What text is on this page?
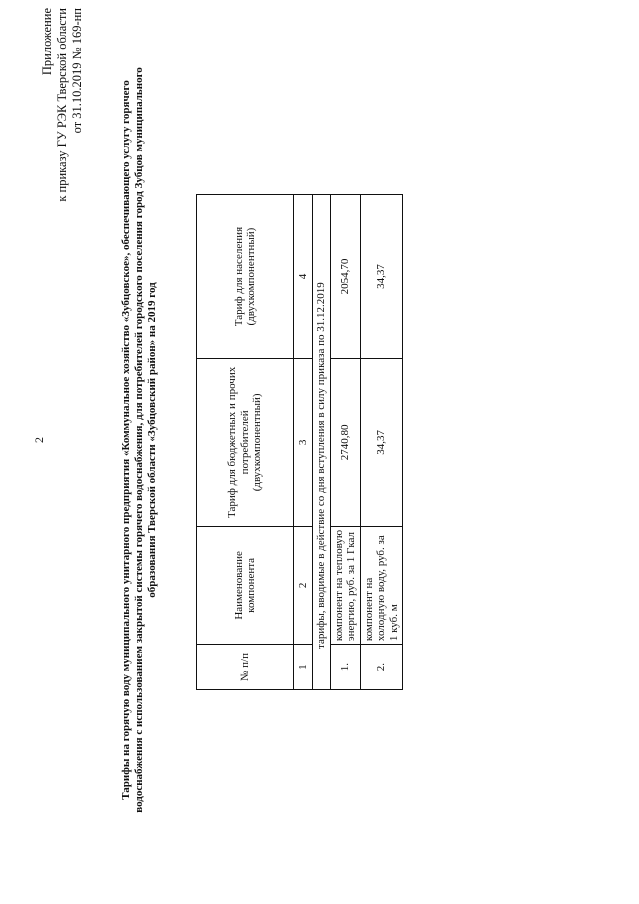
2
Приложение к приказу ГУ РЭК Тверской области от 31.10.2019 № 169-нп
Тарифы на горячую воду муниципального унитарного предприятия «Коммунальное хозяйство «Зубцовское», обеспечивающего услугу горячего водоснабжения с использованием закрытой системы горячего водоснабжения, для потребителей городского поселения город Зубцов муниципального образования Тверской области «Зубцовский район» на 2019 год
№ п/п	Наименование компонента	Тариф для бюджетных и прочих потребителей (двухкомпонентный)	Тариф для населения (двухкомпонентный)
1	2	3	4
тарифы, вводимые в действие со дня вступления в силу приказа по 31.12.2019			
1.	компонент на тепловую энергию, руб. за 1 Гкал	2740,80	2054,70
2.	компонент на холодную воду, руб. за 1 куб. м	34,37	34,37
